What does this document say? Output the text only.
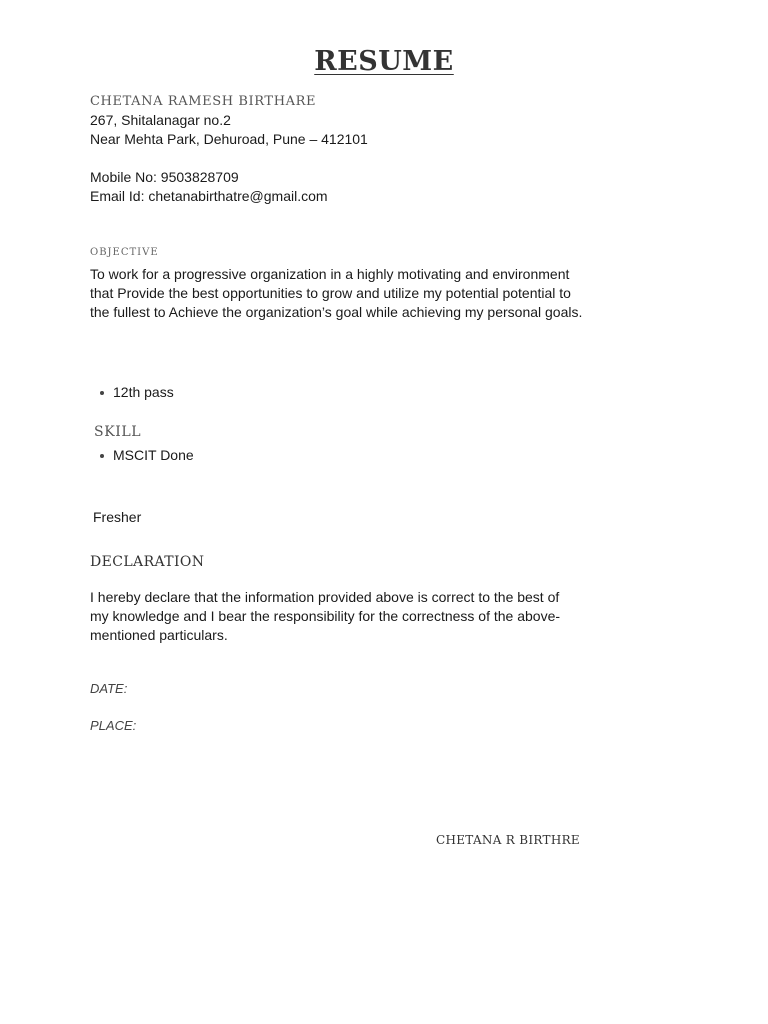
RESUME
CHETANA RAMESH BIRTHARE
267, Shitalanagar no.2
Near Mehta Park, Dehuroad, Pune – 412101
Mobile No: 9503828709
Email Id: chetanabirthatre@gmail.com
OBJECTIVE

To work for a progressive organization in a highly motivating and environment that Provide the best opportunities to grow and utilize my potential potential to the fullest to Achieve the organization’s goal while achieving my personal goals.

12th pass
SKILL
MSCIT Done
Fresher
DECLARATION

I hereby declare that the information provided above is correct to the best of my knowledge and I bear the responsibility for the correctness of the above-mentioned particulars.

DATE:
PLACE:
CHETANA R BIRTHRE
